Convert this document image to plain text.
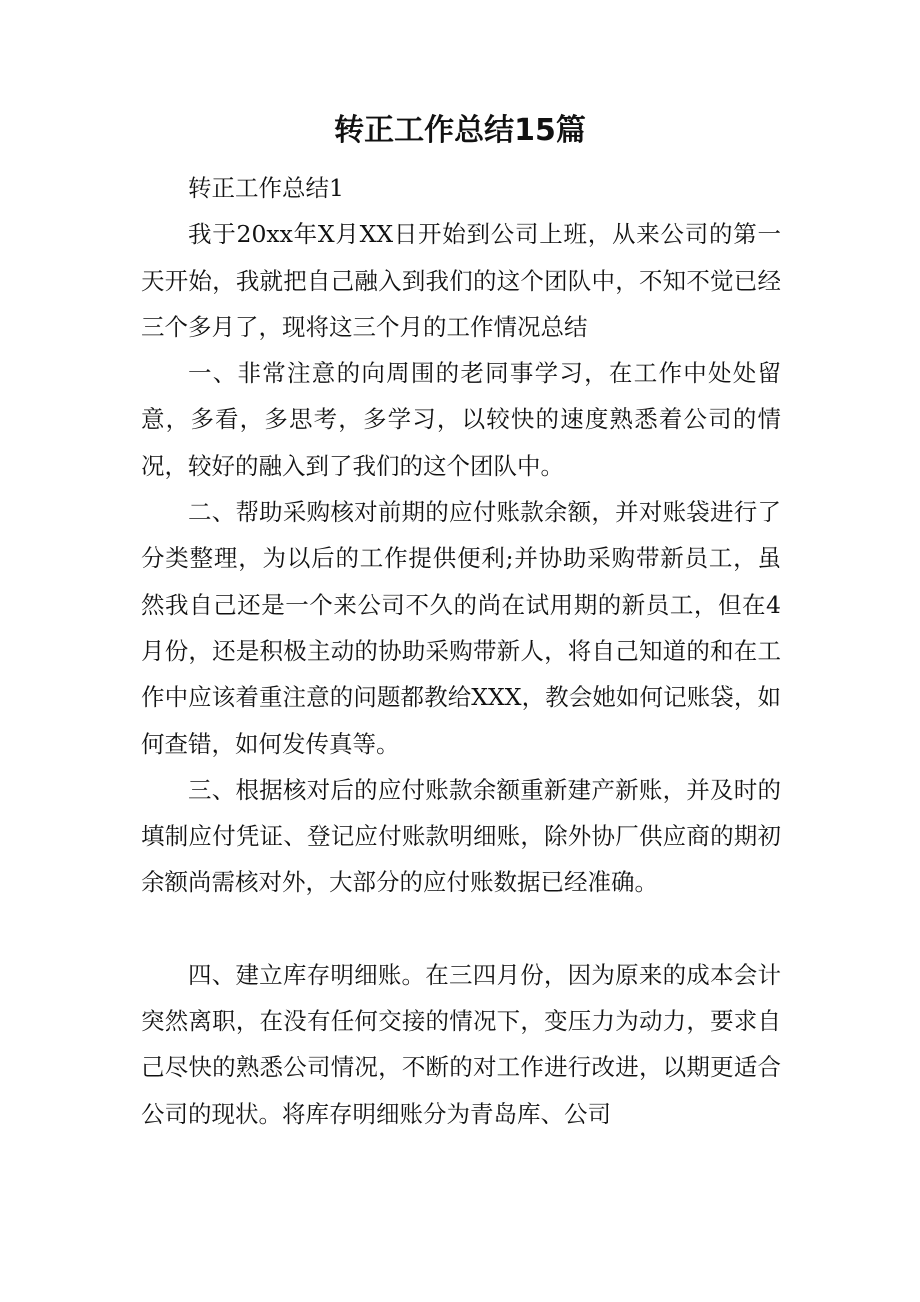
转正工作总结15篇

转正工作总结1

我于20xx年X月XX日开始到公司上班，从来公司的第一天开始，我就把自己融入到我们的这个团队中，不知不觉已经三个多月了，现将这三个月的工作情况总结

一、非常注意的向周围的老同事学习，在工作中处处留意，多看，多思考，多学习，以较快的速度熟悉着公司的情况，较好的融入到了我们的这个团队中。

二、帮助采购核对前期的应付账款余额，并对账袋进行了分类整理，为以后的工作提供便利;并协助采购带新员工，虽然我自己还是一个来公司不久的尚在试用期的新员工，但在4月份，还是积极主动的协助采购带新人，将自己知道的和在工作中应该着重注意的问题都教给XXX，教会她如何记账袋，如何查错，如何发传真等。

三、根据核对后的应付账款余额重新建产新账，并及时的填制应付凭证、登记应付账款明细账，除外协厂供应商的期初余额尚需核对外，大部分的应付账数据已经准确。

四、建立库存明细账。在三四月份，因为原来的成本会计突然离职，在没有任何交接的情况下，变压力为动力，要求自己尽快的熟悉公司情况，不断的对工作进行改进，以期更适合公司的现状。将库存明细账分为青岛库、公司
